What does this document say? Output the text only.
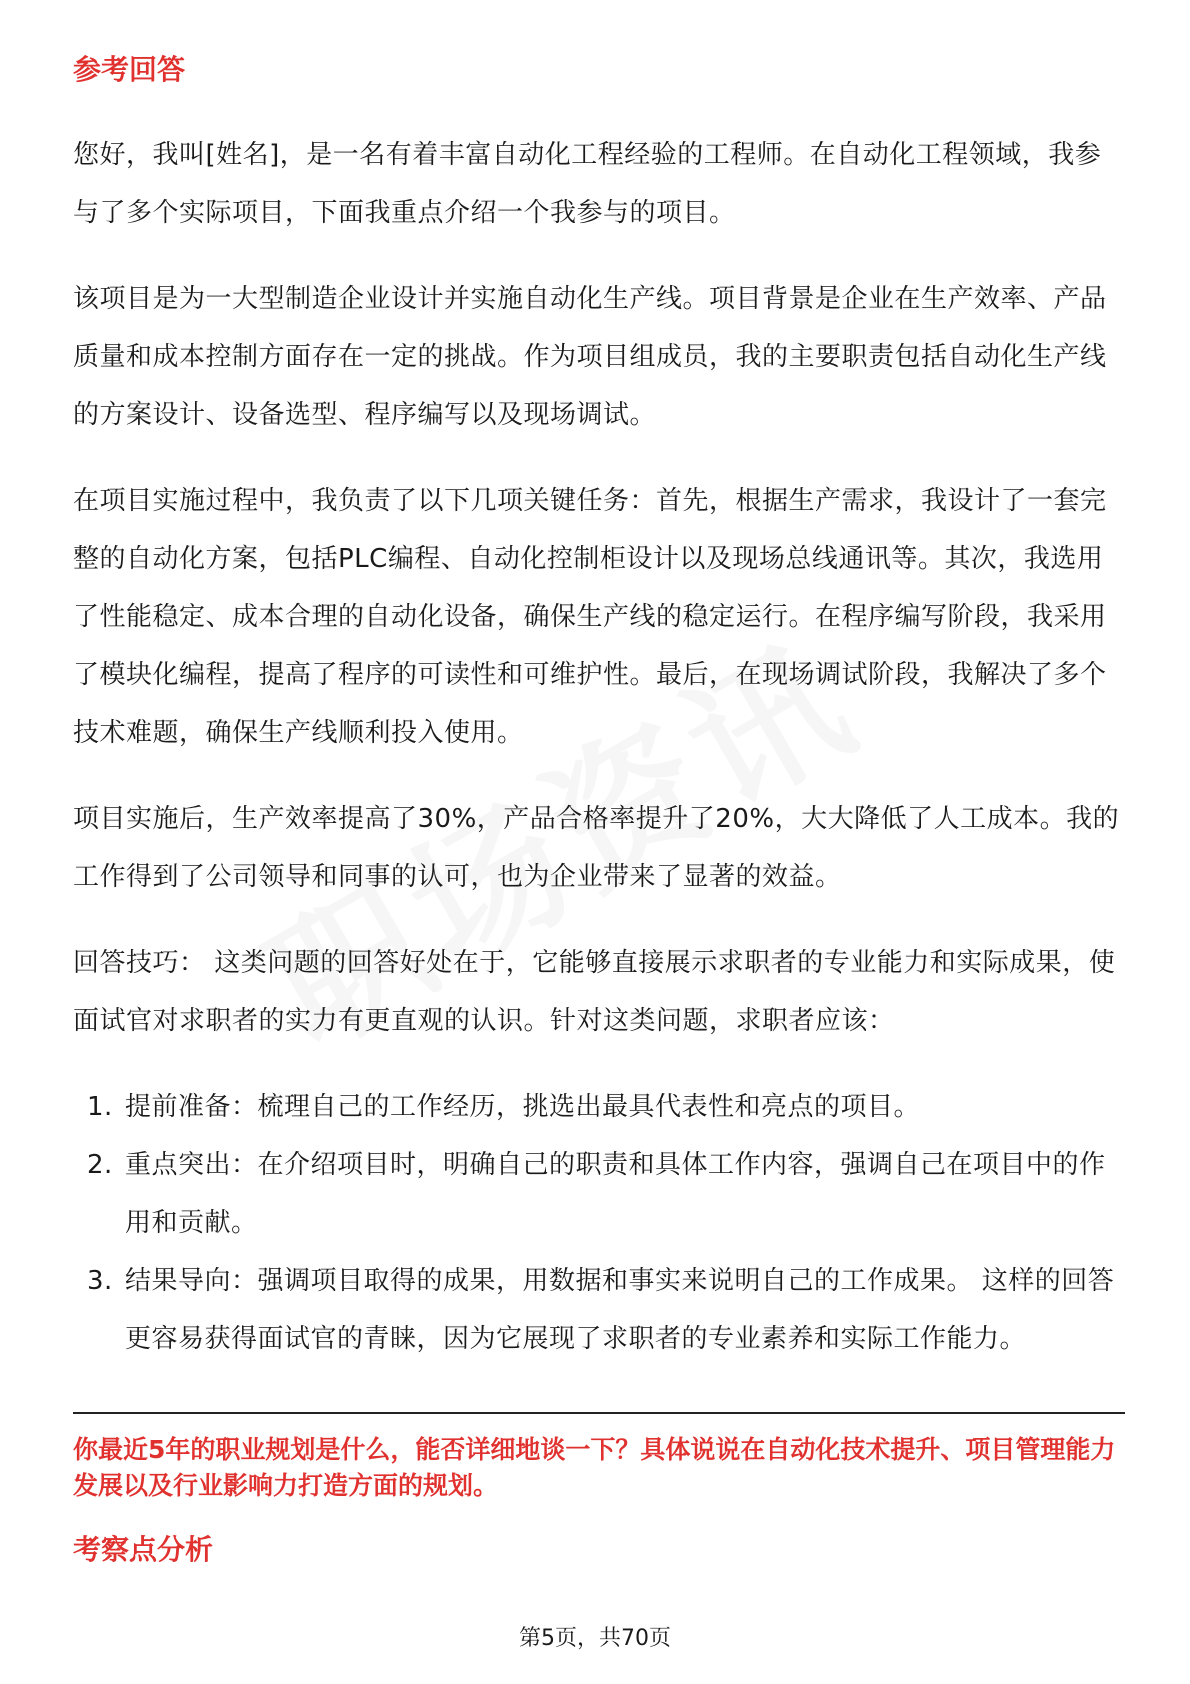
参考回答

您好，我叫[姓名]，是一名有着丰富自动化工程经验的工程师。在自动化工程领域，我参与了多个实际项目，下面我重点介绍一个我参与的项目。

该项目是为一大型制造企业设计并实施自动化生产线。项目背景是企业在生产效率、产品质量和成本控制方面存在一定的挑战。作为项目组成员，我的主要职责包括自动化生产线的方案设计、设备选型、程序编写以及现场调试。

在项目实施过程中，我负责了以下几项关键任务：首先，根据生产需求，我设计了一套完整的自动化方案，包括PLC编程、自动化控制柜设计以及现场总线通讯等。其次，我选用了性能稳定、成本合理的自动化设备，确保生产线的稳定运行。在程序编写阶段，我采用了模块化编程，提高了程序的可读性和可维护性。最后，在现场调试阶段，我解决了多个技术难题，确保生产线顺利投入使用。

项目实施后，生产效率提高了30%，产品合格率提升了20%，大大降低了人工成本。我的工作得到了公司领导和同事的认可，也为企业带来了显著的效益。

回答技巧： 这类问题的回答好处在于，它能够直接展示求职者的专业能力和实际成果，使面试官对求职者的实力有更直观的认识。针对这类问题，求职者应该：

1. 提前准备：梳理自己的工作经历，挑选出最具代表性和亮点的项目。
2. 重点突出：在介绍项目时，明确自己的职责和具体工作内容，强调自己在项目中的作用和贡献。
3. 结果导向：强调项目取得的成果，用数据和事实来说明自己的工作成果。 这样的回答更容易获得面试官的青睐，因为它展现了求职者的专业素养和实际工作能力。
你最近5年的职业规划是什么，能否详细地谈一下？具体说说在自动化技术提升、项目管理能力发展以及行业影响力打造方面的规划。
考察点分析
第5页，共70页
